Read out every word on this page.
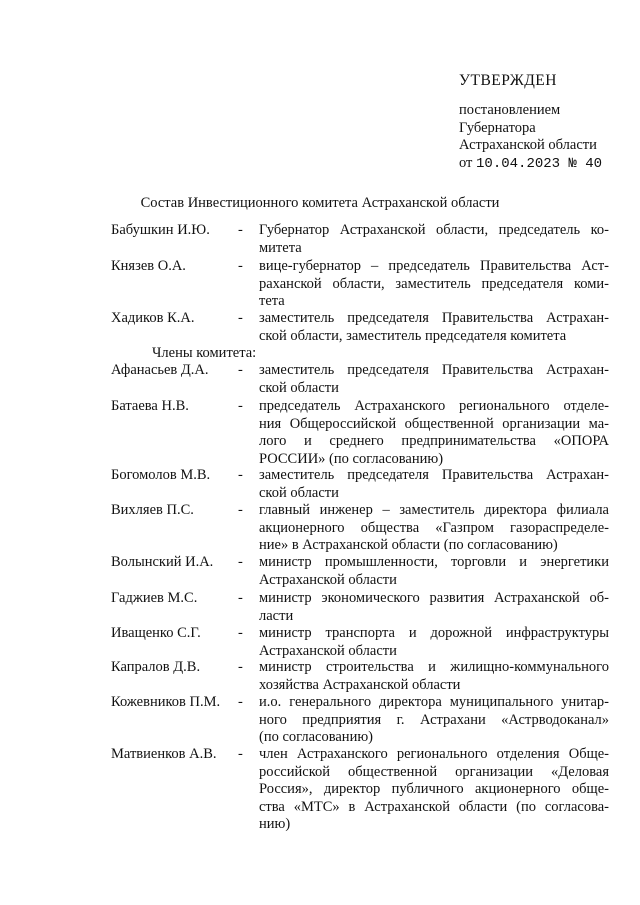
УТВЕРЖДЕН
постановлением
Губернатора
Астраханской области
от 10.04.2023 № 40
Состав Инвестиционного комитета Астраханской области
Бабушкин И.Ю. - Губернатор Астраханской области, председатель ко-
митета
Князев О.А.	- вице-губернатор – председатель Правительства Аст-
раханской области, заместитель председателя коми-
тета
Хадиков К.А.	- заместитель председателя Правительства Астрахан-
ской области, заместитель председателя комитета
Члены комитета:
Афанасьев Д.А. - заместитель председателя Правительства Астрахан-
ской области
Батаева Н.В.	- председатель Астраханского регионального отделе-
ния Общероссийской общественной организации ма-
лого и среднего предпринимательства «ОПОРА
РОССИИ» (по согласованию)
Богомолов М.В. - заместитель председателя Правительства Астрахан-
ской области
Вихляев П.С.	- главный инженер – заместитель директора филиала
акционерного общества «Газпром газораспределе-
ние» в Астраханской области (по согласованию)
Волынский И.А. - министр промышленности, торговли и энергетики
Астраханской области
Гаджиев М.С.	- министр экономического развития Астраханской об-
ласти
Иващенко С.Г.	- министр транспорта и дорожной инфраструктуры
Астраханской области
Капралов Д.В.	- министр строительства и жилищно-коммунального
хозяйства Астраханской области
Кожевников П.М. - и.о. генерального директора муниципального унитар-
ного предприятия г. Астрахани «Астрводоканал»
(по согласованию)
Матвиенков А.В. - член Астраханского регионального отделения Обще-
российской общественной организации «Деловая
Россия», директор публичного акционерного обще-
ства «МТС» в Астраханской области (по согласова-
нию)
